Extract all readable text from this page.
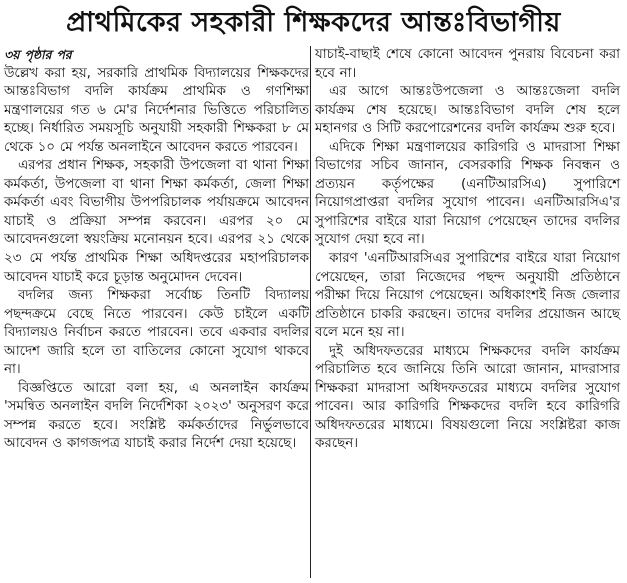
প্রাথমিকের সহকারী শিক্ষকদের আন্তঃবিভাগীয়
৩য় পৃষ্ঠার পর

উল্লেখ করা হয়, সরকারি প্রাথমিক বিদ্যালয়ের শিক্ষকদের আন্তঃবিভাগ বদলি কার্যক্রম প্রাথমিক ও গণশিক্ষা মন্ত্রণালয়ের গত ৬ মে'র নির্দেশনার ভিত্তিতে পরিচালিত হচ্ছে। নির্ধারিত সময়সূচি অনুযায়ী সহকারী শিক্ষকরা ৮ মে থেকে ১০ মে পর্যন্ত অনলাইনে আবেদন করতে পারবেন।

এরপর প্রধান শিক্ষক, সহকারী উপজেলা বা থানা শিক্ষা কর্মকর্তা, উপজেলা বা থানা শিক্ষা কর্মকর্তা, জেলা শিক্ষা কর্মকর্তা এবং বিভাগীয় উপপরিচালক পর্যায়ক্রমে আবেদন যাচাই ও প্রক্রিয়া সম্পন্ন করবেন। এরপর ২০ মে আবেদনগুলো স্বয়ংক্রিয় মনোনয়ন হবে। এরপর ২১ থেকে ২৩ মে পর্যন্ত প্রাথমিক শিক্ষা অধিদপ্তরের মহাপরিচালক আবেদন যাচাই করে চূড়ান্ত অনুমোদন দেবেন।

বদলির জন্য শিক্ষকরা সর্বোচ্চ তিনটি বিদ্যালয় পছন্দক্রমে বেছে নিতে পারবেন। কেউ চাইলে একটি বিদ্যালয়ও নির্বাচন করতে পারবেন। তবে একবার বদলির আদেশ জারি হলে তা বাতিলের কোনো সুযোগ থাকবে না।

বিজ্ঞপ্তিতে আরো বলা হয়, এ অনলাইন কার্যক্রম 'সমন্বিত অনলাইন বদলি নির্দেশিকা ২০২৩' অনুসরণ করে সম্পন্ন করতে হবে। সংশ্লিষ্ট কর্মকর্তাদের নির্ভুলভাবে আবেদন ও কাগজপত্র যাচাই করার নির্দেশ দেয়া হয়েছে।

যাচাই-বাছাই শেষে কোনো আবেদন পুনরায় বিবেচনা করা হবে না।

এর আগে আন্তঃউপজেলা ও আন্তঃজেলা বদলি কার্যক্রম শেষ হয়েছে। আন্তঃবিভাগ বদলি শেষ হলে মহানগর ও সিটি করপোরেশনের বদলি কার্যক্রম শুরু হবে।

এদিকে শিক্ষা মন্ত্রণালয়ের কারিগরি ও মাদরাসা শিক্ষা বিভাগের সচিব জানান, বেসরকারি শিক্ষক নিবন্ধন ও প্রত্যয়ন কর্তৃপক্ষের (এনটিআরসিএ) সুপারিশে নিয়োগপ্রাপ্তরা বদলির সুযোগ পাবেন। এনটিআরসিএ'র সুপারিশের বাইরে যারা নিয়োগ পেয়েছেন তাদের বদলির সুযোগ দেয়া হবে না।

কারণ 'এনটিআরসিএর সুপারিশের বাইরে যারা নিয়োগ পেয়েছেন, তারা নিজেদের পছন্দ অনুযায়ী প্রতিষ্ঠানে পরীক্ষা দিয়ে নিয়োগ পেয়েছেন। অধিকাংশই নিজ জেলার প্রতিষ্ঠানে চাকরি করছেন। তাদের বদলির প্রয়োজন আছে বলে মনে হয় না।

দুই অধিদফতরের মাধ্যমে শিক্ষকদের বদলি কার্যক্রম পরিচালিত হবে জানিয়ে তিনি আরো জানান, মাদরাসার শিক্ষকরা মাদরাসা অধিদফতরের মাধ্যমে বদলির সুযোগ পাবেন। আর কারিগরি শিক্ষকদের বদলি হবে কারিগরি অধিদফতরের মাধ্যমে। বিষয়গুলো নিয়ে সংশ্লিষ্টরা কাজ করছেন।
